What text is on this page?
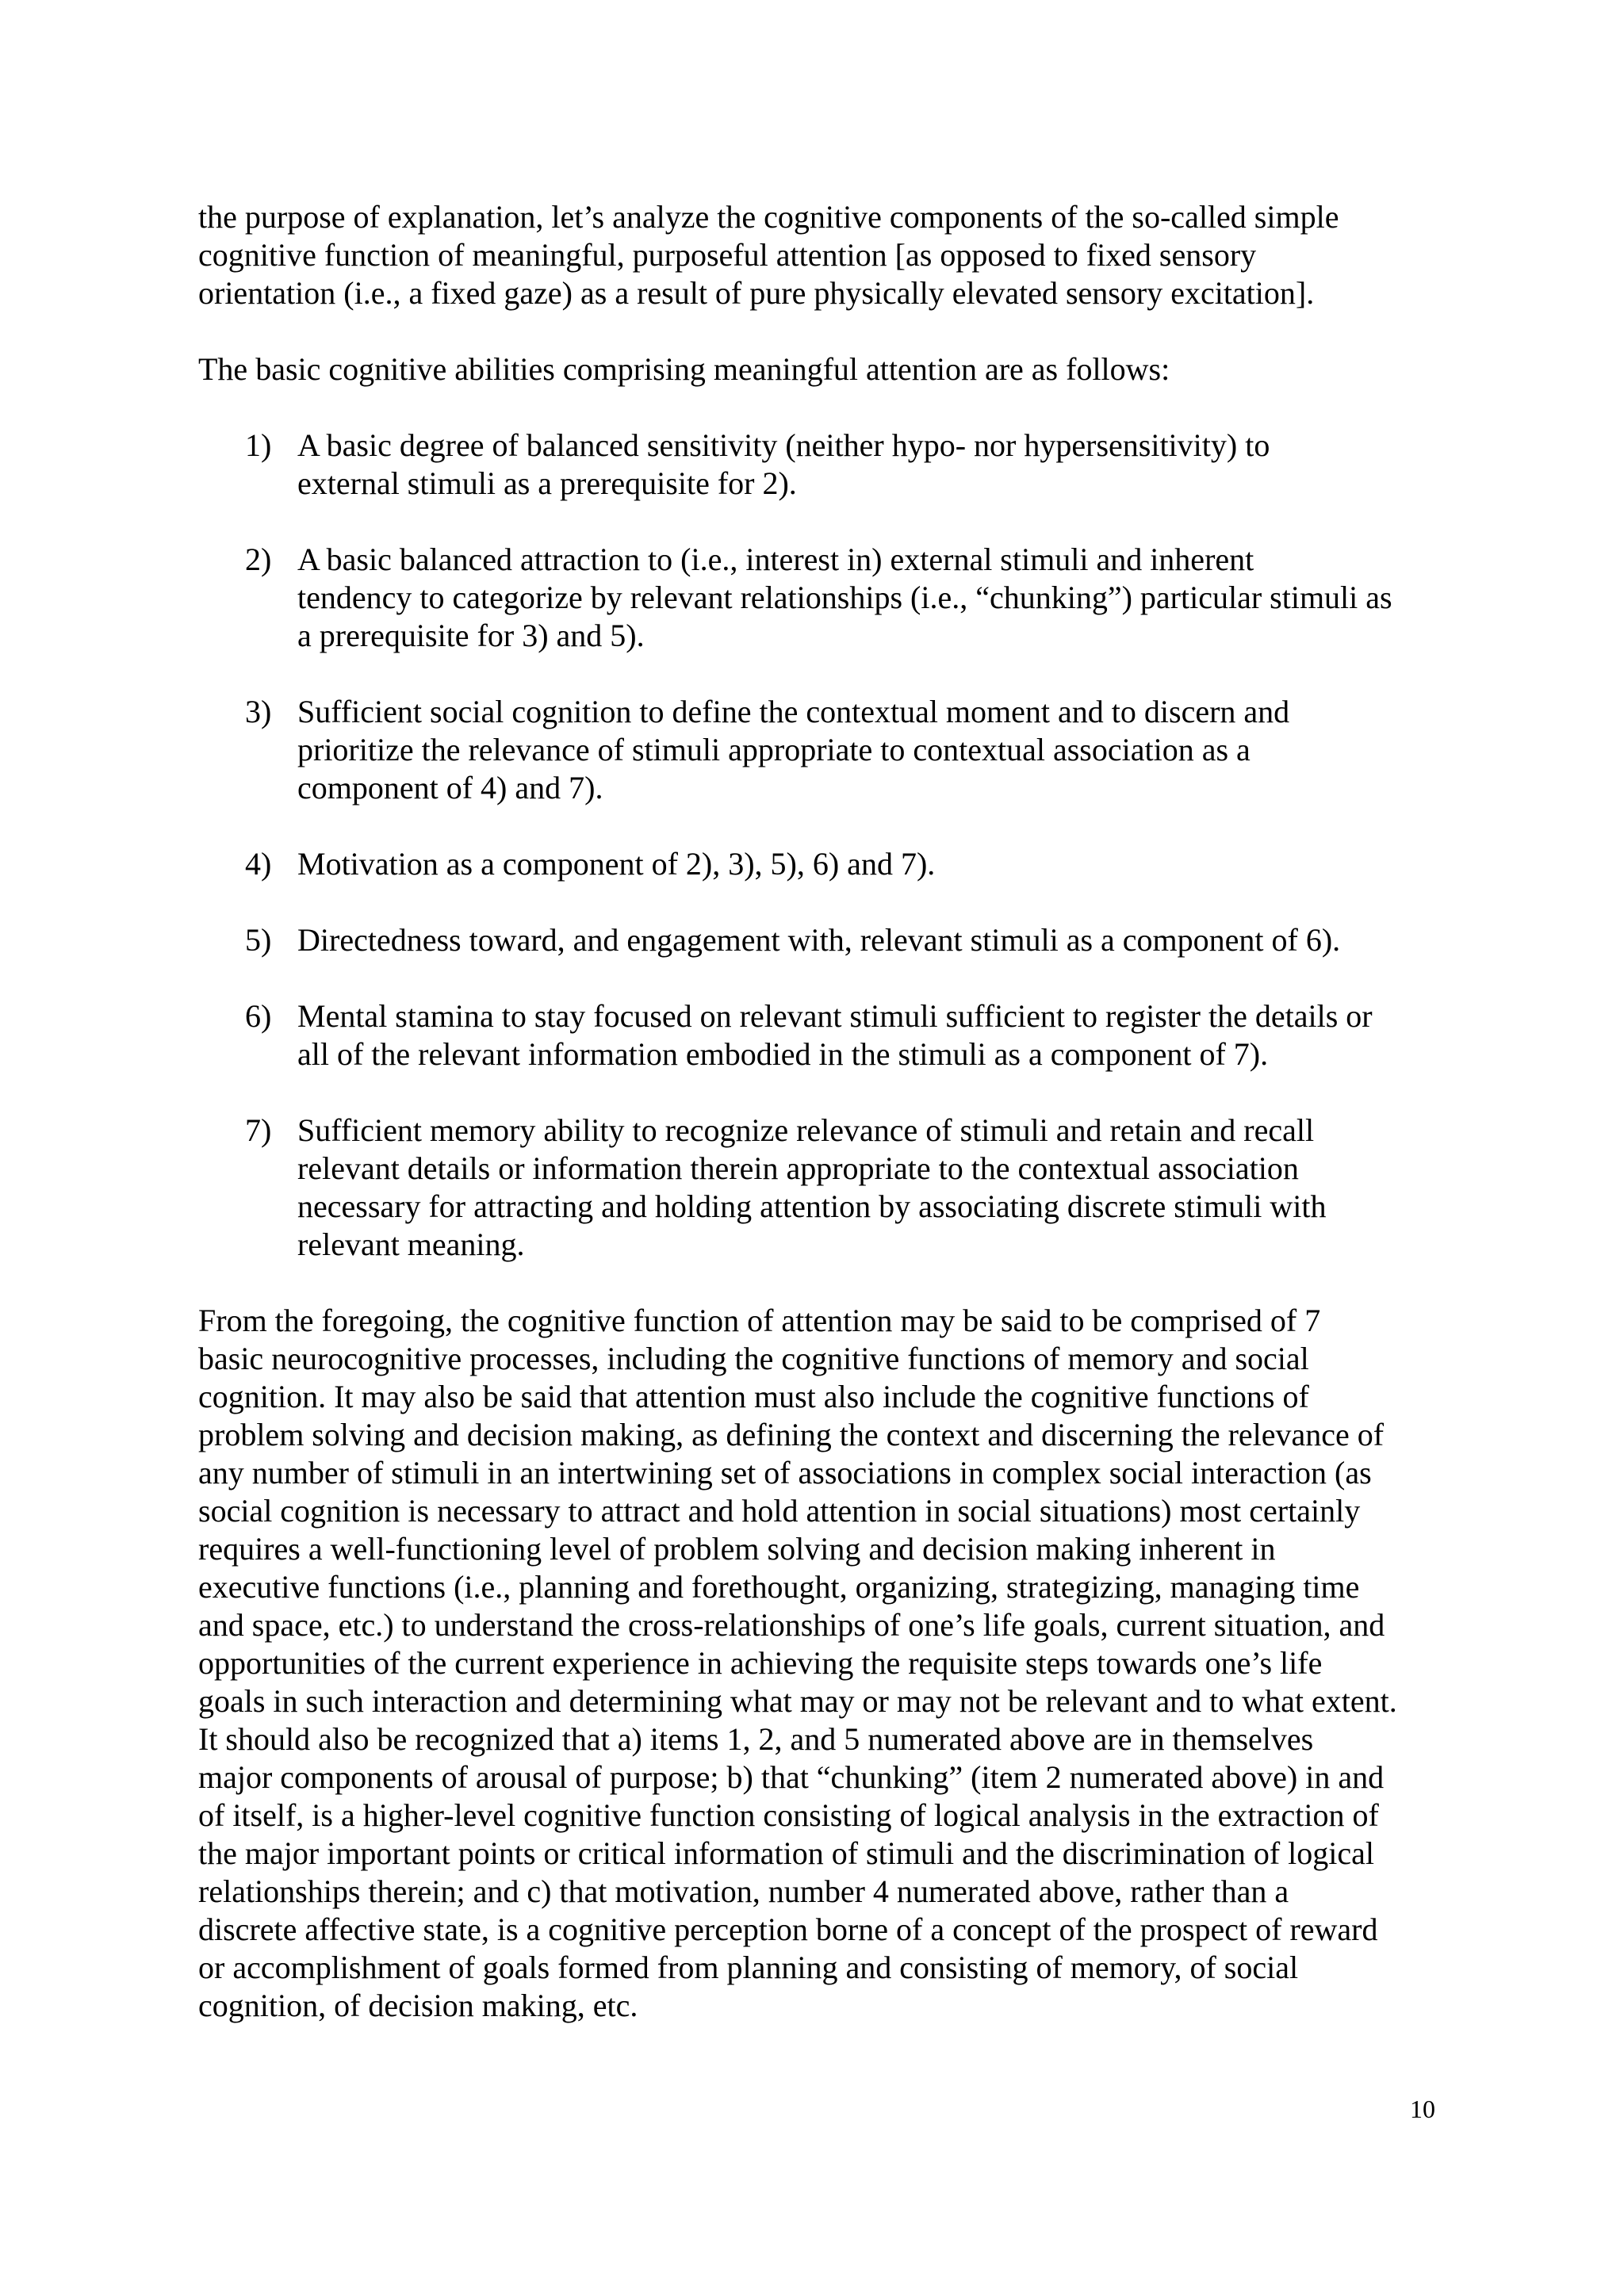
the purpose of explanation, let’s analyze the cognitive components of the so-called simple
cognitive function of meaningful, purposeful attention [as opposed to fixed sensory
orientation (i.e., a fixed gaze) as a result of pure physically elevated sensory excitation].
The basic cognitive abilities comprising meaningful attention are as follows:
1) A basic degree of balanced sensitivity (neither hypo- nor hypersensitivity) to
external stimuli as a prerequisite for 2).
2) A basic balanced attraction to (i.e., interest in) external stimuli and inherent
tendency to categorize by relevant relationships (i.e., “chunking”) particular stimuli as
a prerequisite for 3) and 5).
3) Sufficient social cognition to define the contextual moment and to discern and
prioritize the relevance of stimuli appropriate to contextual association as a
component of 4) and 7).
4) Motivation as a component of 2), 3), 5), 6) and 7).
5) Directedness toward, and engagement with, relevant stimuli as a component of 6).
6) Mental stamina to stay focused on relevant stimuli sufficient to register the details or
all of the relevant information embodied in the stimuli as a component of 7).
7) Sufficient memory ability to recognize relevance of stimuli and retain and recall
relevant details or information therein appropriate to the contextual association
necessary for attracting and holding attention by associating discrete stimuli with
relevant meaning.
From the foregoing, the cognitive function of attention may be said to be comprised of 7
basic neurocognitive processes, including the cognitive functions of memory and social
cognition. It may also be said that attention must also include the cognitive functions of
problem solving and decision making, as defining the context and discerning the relevance of
any number of stimuli in an intertwining set of associations in complex social interaction (as
social cognition is necessary to attract and hold attention in social situations) most certainly
requires a well-functioning level of problem solving and decision making inherent in
executive functions (i.e., planning and forethought, organizing, strategizing, managing time
and space, etc.) to understand the cross-relationships of one’s life goals, current situation, and
opportunities of the current experience in achieving the requisite steps towards one’s life
goals in such interaction and determining what may or may not be relevant and to what extent.
It should also be recognized that a) items 1, 2, and 5 numerated above are in themselves
major components of arousal of purpose; b) that “chunking” (item 2 numerated above) in and
of itself, is a higher-level cognitive function consisting of logical analysis in the extraction of
the major important points or critical information of stimuli and the discrimination of logical
relationships therein; and c) that motivation, number 4 numerated above, rather than a
discrete affective state, is a cognitive perception borne of a concept of the prospect of reward
or accomplishment of goals formed from planning and consisting of memory, of social
cognition, of decision making, etc.
10
